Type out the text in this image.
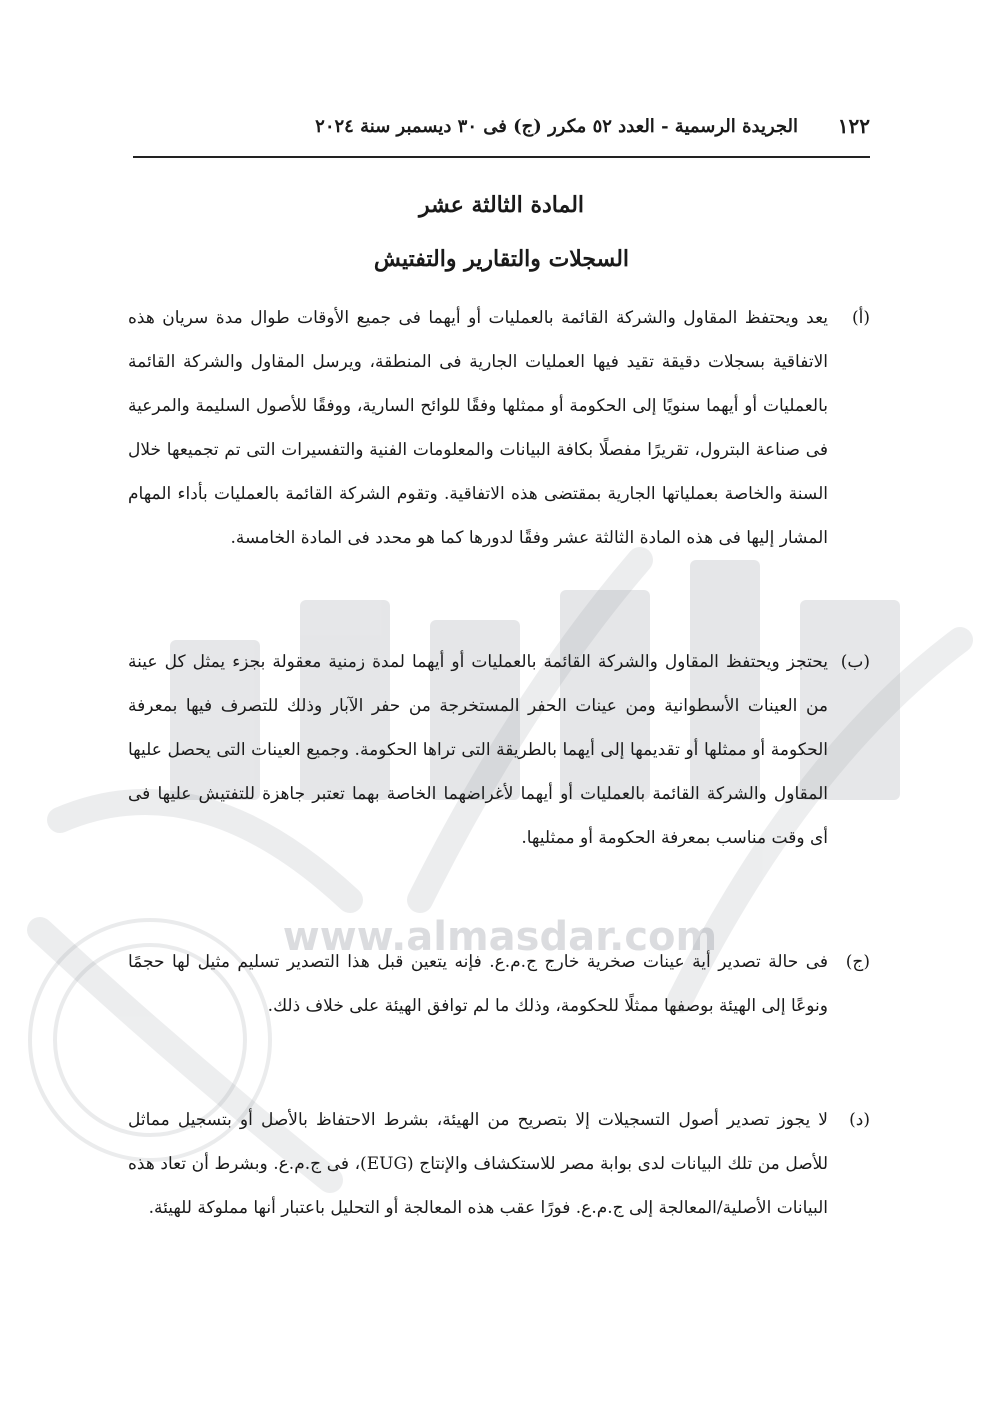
www.almasdar.com
١٢٢
الجريدة الرسمية - العدد ٥٢ مكرر (ج) فى ٣٠ ديسمبر سنة ٢٠٢٤
المادة الثالثة عشر
السجلات والتقارير والتفتيش
(أ)
يعد ويحتفظ المقاول والشركة القائمة بالعمليات أو أيهما فى جميع الأوقات طوال مدة سريان هذه الاتفاقية بسجلات دقيقة تقيد فيها العمليات الجارية فى المنطقة، ويرسل المقاول والشركة القائمة بالعمليات أو أيهما سنويًا إلى الحكومة أو ممثلها وفقًا للوائح السارية، ووفقًا للأصول السليمة والمرعية فى صناعة البترول، تقريرًا مفصلًا بكافة البيانات والمعلومات الفنية والتفسيرات التى تم تجميعها خلال السنة والخاصة بعملياتها الجارية بمقتضى هذه الاتفاقية. وتقوم الشركة القائمة بالعمليات بأداء المهام المشار إليها فى هذه المادة الثالثة عشر وفقًا لدورها كما هو محدد فى المادة الخامسة.
(ب)
يحتجز ويحتفظ المقاول والشركة القائمة بالعمليات أو أيهما لمدة زمنية معقولة بجزء يمثل كل عينة من العينات الأسطوانية ومن عينات الحفر المستخرجة من حفر الآبار وذلك للتصرف فيها بمعرفة الحكومة أو ممثلها أو تقديمها إلى أيهما بالطريقة التى تراها الحكومة. وجميع العينات التى يحصل عليها المقاول والشركة القائمة بالعمليات أو أيهما لأغراضهما الخاصة بهما تعتبر جاهزة للتفتيش عليها فى أى وقت مناسب بمعرفة الحكومة أو ممثليها.
(ج)
فى حالة تصدير أية عينات صخرية خارج ج.م.ع. فإنه يتعين قبل هذا التصدير تسليم مثيل لها حجمًا ونوعًا إلى الهيئة بوصفها ممثلًا للحكومة، وذلك ما لم توافق الهيئة على خلاف ذلك.
(د)
لا يجوز تصدير أصول التسجيلات إلا بتصريح من الهيئة، بشرط الاحتفاظ بالأصل أو بتسجيل مماثل للأصل من تلك البيانات لدى بوابة مصر للاستكشاف والإنتاج (EUG)، فى ج.م.ع. وبشرط أن تعاد هذه البيانات الأصلية/المعالجة إلى ج.م.ع. فورًا عقب هذه المعالجة أو التحليل باعتبار أنها مملوكة للهيئة.
